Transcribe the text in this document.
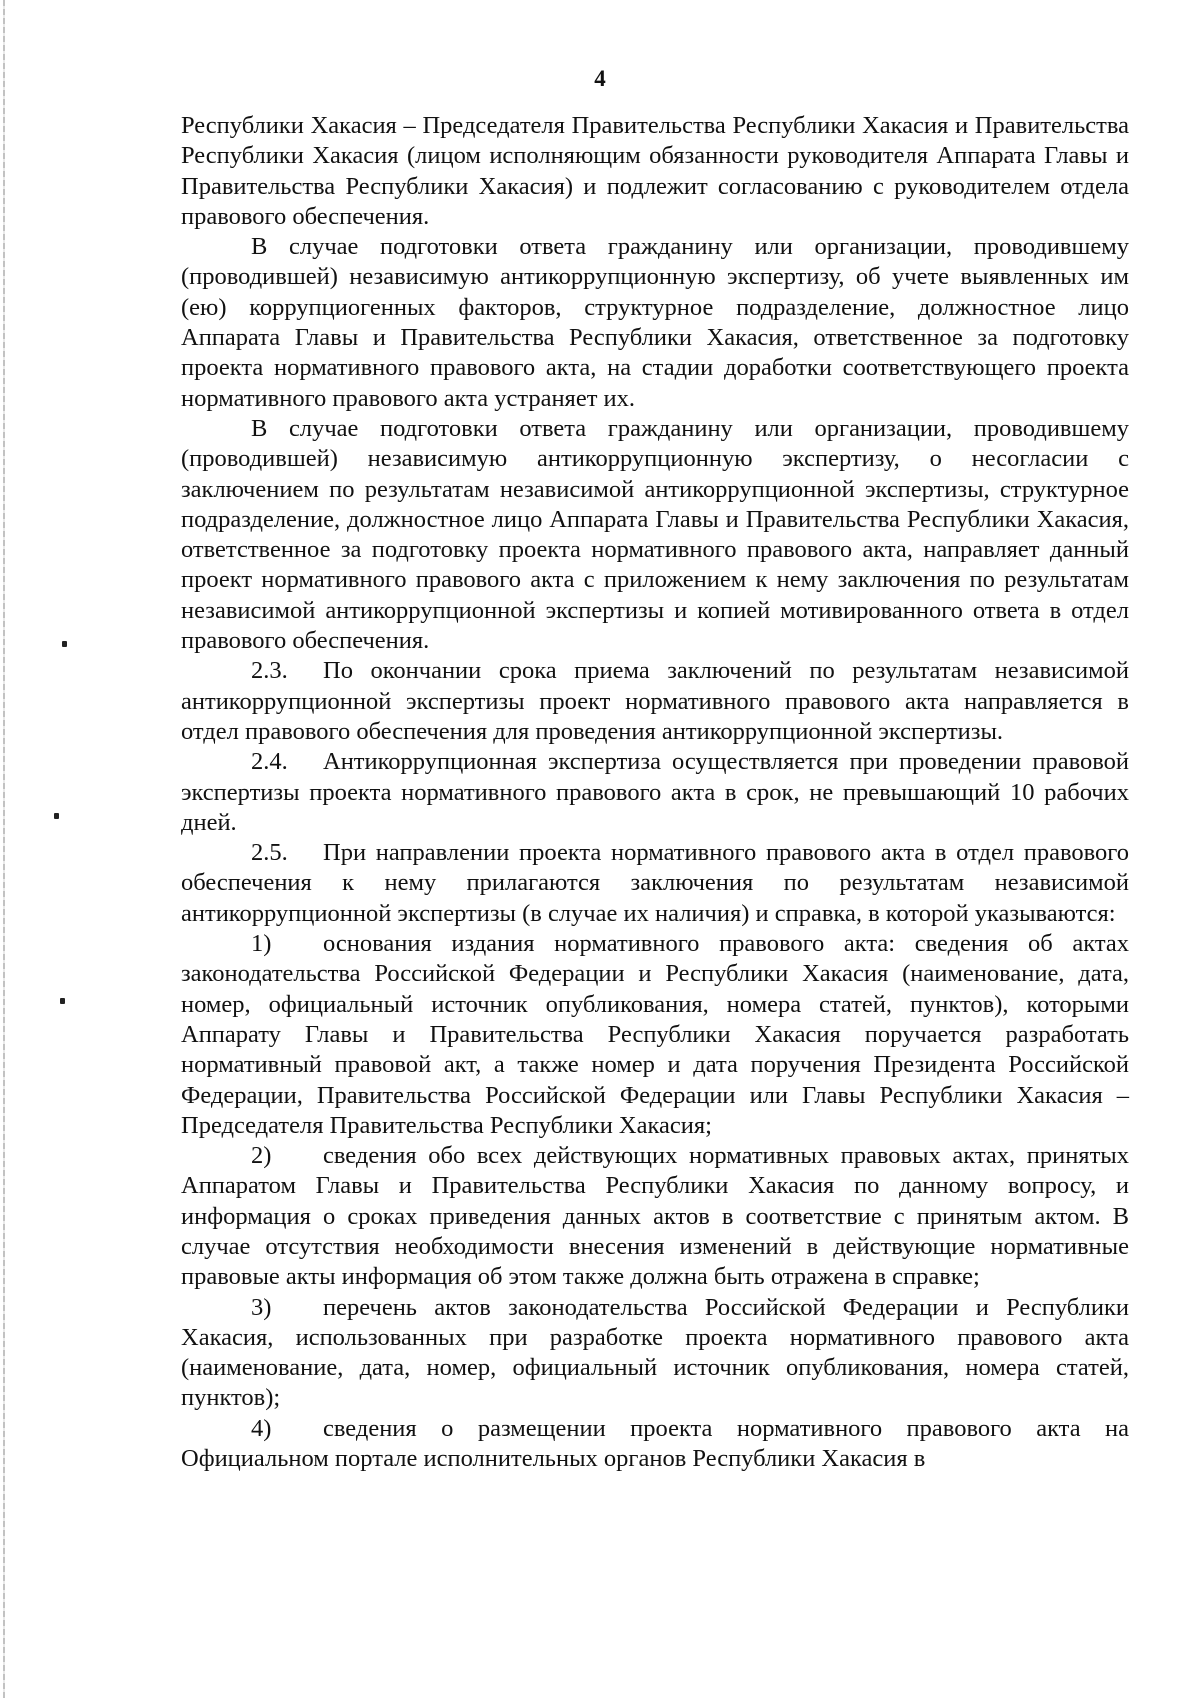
4

Республики Хакасия – Председателя Правительства Республики Хакасия и Правительства Республики Хакасия (лицом исполняющим обязанности руководителя Аппарата Главы и Правительства Республики Хакасия) и подлежит согласованию с руководителем отдела правового обеспечения.

В случае подготовки ответа гражданину или организации, проводившему (проводившей) независимую антикоррупционную экспертизу, об учете выявленных им (ею) коррупциогенных факторов, структурное подразделение, должностное лицо Аппарата Главы и Правительства Республики Хакасия, ответственное за подготовку проекта нормативного правового акта, на стадии доработки соответствующего проекта нормативного правового акта устраняет их.

В случае подготовки ответа гражданину или организации, проводившему (проводившей) независимую антикоррупционную экспертизу, о несогласии с заключением по результатам независимой антикоррупционной экспертизы, структурное подразделение, должностное лицо Аппарата Главы и Правительства Республики Хакасия, ответственное за подготовку проекта нормативного правового акта, направляет данный проект нормативного правового акта с приложением к нему заключения по результатам независимой антикоррупционной экспертизы и копией мотивированного ответа в отдел правового обеспечения.

2.3. По окончании срока приема заключений по результатам независимой антикоррупционной экспертизы проект нормативного правового акта направляется в отдел правового обеспечения для проведения антикоррупционной экспертизы.

2.4. Антикоррупционная экспертиза осуществляется при проведении правовой экспертизы проекта нормативного правового акта в срок, не превышающий 10 рабочих дней.

2.5. При направлении проекта нормативного правового акта в отдел правового обеспечения к нему прилагаются заключения по результатам независимой антикоррупционной экспертизы (в случае их наличия) и справка, в которой указываются:

1) основания издания нормативного правового акта: сведения об актах законодательства Российской Федерации и Республики Хакасия (наименование, дата, номер, официальный источник опубликования, номера статей, пунктов), которыми Аппарату Главы и Правительства Республики Хакасия поручается разработать нормативный правовой акт, а также номер и дата поручения Президента Российской Федерации, Правительства Российской Федерации или Главы Республики Хакасия – Председателя Правительства Республики Хакасия;

2) сведения обо всех действующих нормативных правовых актах, принятых Аппаратом Главы и Правительства Республики Хакасия по данному вопросу, и информация о сроках приведения данных актов в соответствие с принятым актом. В случае отсутствия необходимости внесения изменений в действующие нормативные правовые акты информация об этом также должна быть отражена в справке;

3) перечень актов законодательства Российской Федерации и Республики Хакасия, использованных при разработке проекта нормативного правового акта (наименование, дата, номер, официальный источник опубликования, номера статей, пунктов);

4) сведения о размещении проекта нормативного правового акта на Официальном портале исполнительных органов Республики Хакасия в
